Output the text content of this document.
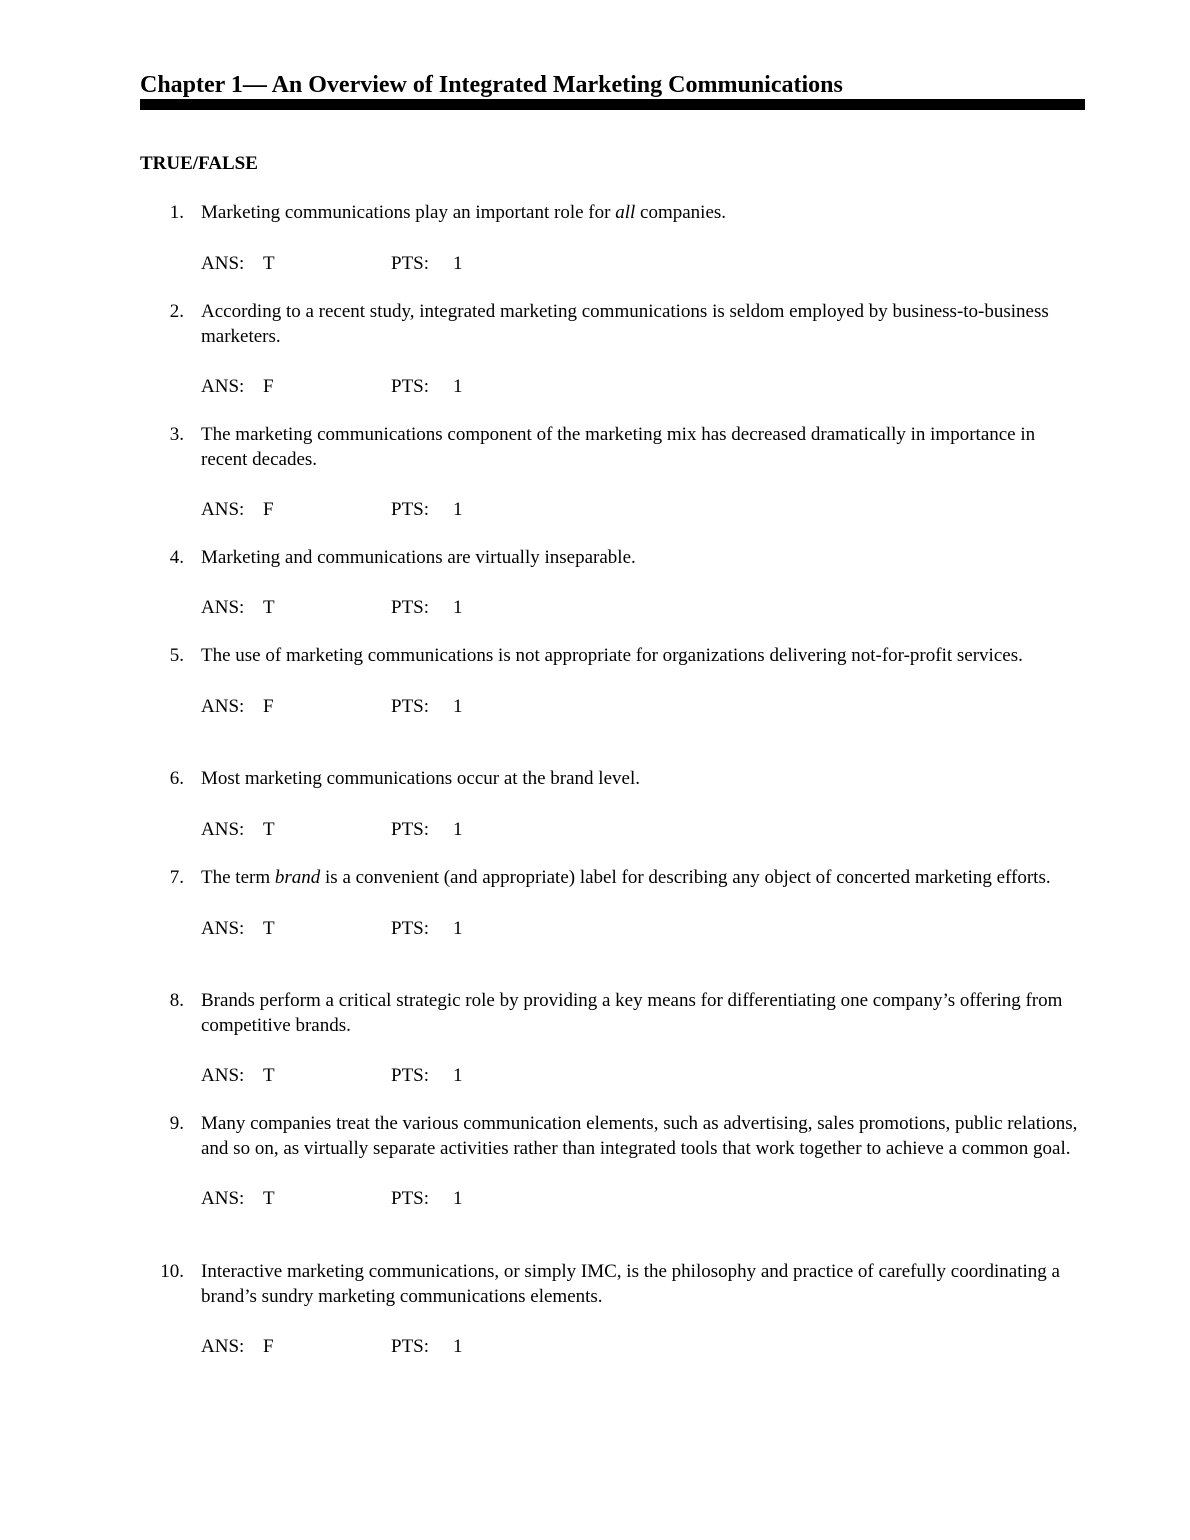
Chapter 1— An Overview of Integrated Marketing Communications
TRUE/FALSE
1. Marketing communications play an important role for all companies.
ANS: T	PTS: 1
2. According to a recent study, integrated marketing communications is seldom employed by business-to-business marketers.
ANS: F	PTS: 1
3. The marketing communications component of the marketing mix has decreased dramatically in importance in recent decades.
ANS: F	PTS: 1
4. Marketing and communications are virtually inseparable.
ANS: T	PTS: 1
5. The use of marketing communications is not appropriate for organizations delivering not-for-profit services.
ANS: F	PTS: 1
6. Most marketing communications occur at the brand level.
ANS: T	PTS: 1
7. The term brand is a convenient (and appropriate) label for describing any object of concerted marketing efforts.
ANS: T	PTS: 1
8. Brands perform a critical strategic role by providing a key means for differentiating one company’s offering from competitive brands.
ANS: T	PTS: 1
9. Many companies treat the various communication elements, such as advertising, sales promotions, public relations, and so on, as virtually separate activities rather than integrated tools that work together to achieve a common goal.
ANS: T	PTS: 1
10. Interactive marketing communications, or simply IMC, is the philosophy and practice of carefully coordinating a brand’s sundry marketing communications elements.
ANS: F	PTS: 1
